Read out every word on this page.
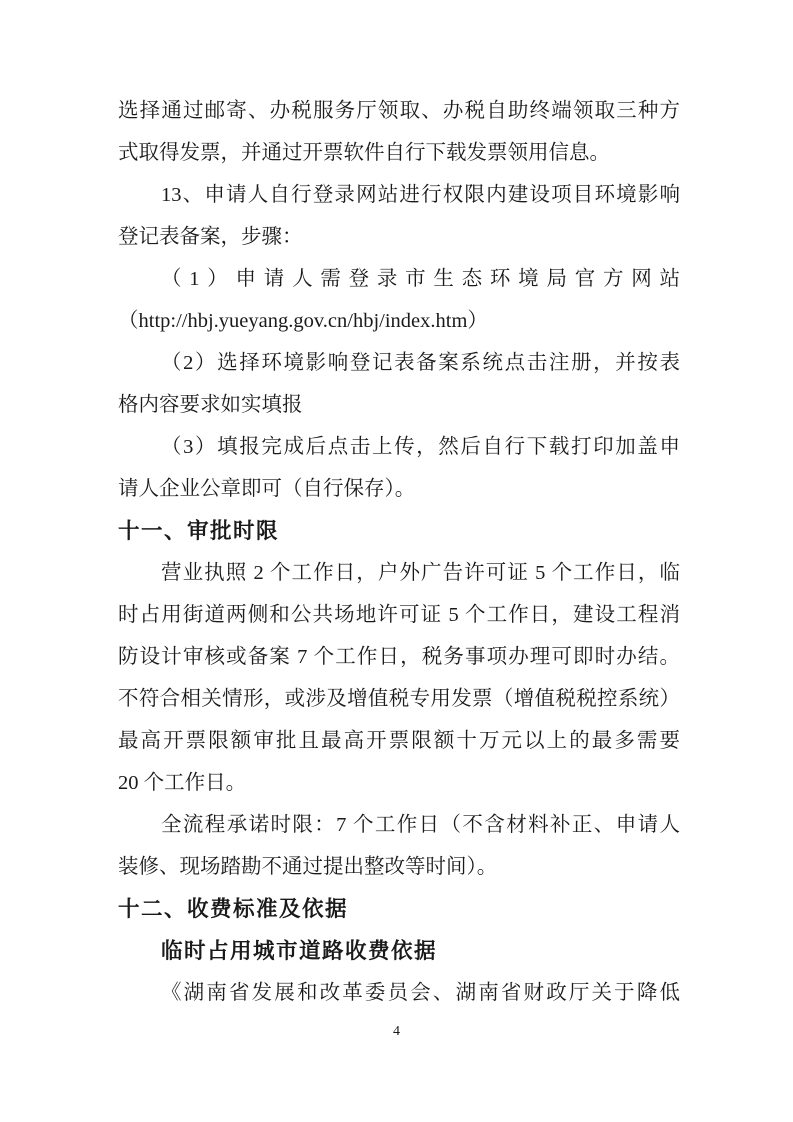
选择通过邮寄、办税服务厅领取、办税自助终端领取三种方
式取得发票，并通过开票软件自行下载发票领用信息。
13、申请人自行登录网站进行权限内建设项目环境影响
登记表备案，步骤：
（1）申请人需登录市生态环境局官方网站
（http://hbj.yueyang.gov.cn/hbj/index.htm）
（2）选择环境影响登记表备案系统点击注册，并按表
格内容要求如实填报
（3）填报完成后点击上传，然后自行下载打印加盖申
请人企业公章即可（自行保存）。
十一、审批时限
营业执照 2 个工作日，户外广告许可证 5 个工作日，临
时占用街道两侧和公共场地许可证 5 个工作日，建设工程消
防设计审核或备案 7 个工作日，税务事项办理可即时办结。
不符合相关情形，或涉及增值税专用发票（增值税税控系统）
最高开票限额审批且最高开票限额十万元以上的最多需要
20 个工作日。
全流程承诺时限：7 个工作日（不含材料补正、申请人
装修、现场踏勘不通过提出整改等时间）。
十二、收费标准及依据
临时占用城市道路收费依据
《湖南省发展和改革委员会、湖南省财政厅关于降低
4
